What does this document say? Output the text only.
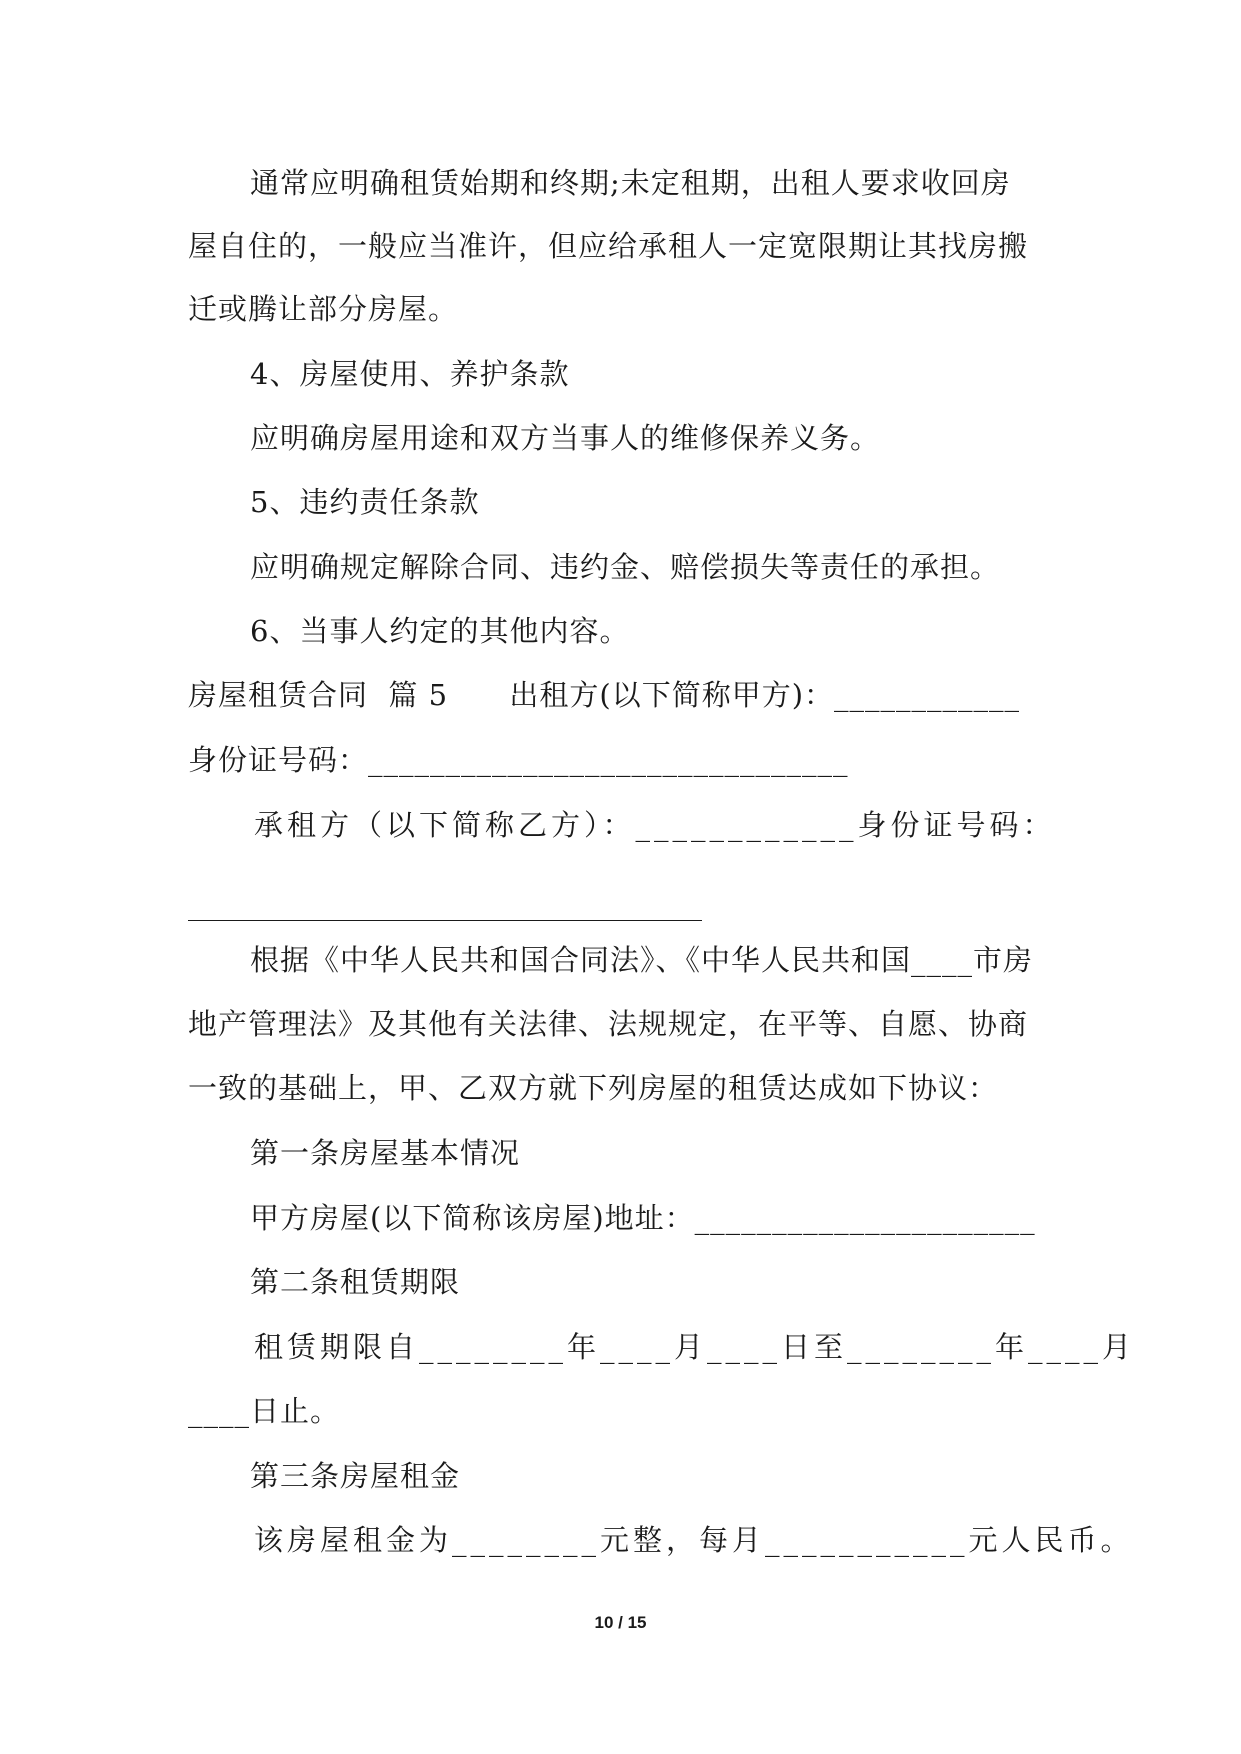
通常应明确租赁始期和终期;未定租期，出租人要求收回房
屋自住的，一般应当准许，但应给承租人一定宽限期让其找房搬
迁或腾让部分房屋。
4、房屋使用、养护条款
应明确房屋用途和双方当事人的维修保养义务。
5、违约责任条款
应明确规定解除合同、违约金、赔偿损失等责任的承担。
6、当事人约定的其他内容。
房屋租赁合同  篇 5      出租方(以下简称甲方)：____________
身份证号码：_______________________________
承租方（以下简称乙方）：____________身份证号码：
根据《中华人民共和国合同法》、《中华人民共和国____市房
地产管理法》及其他有关法律、法规规定，在平等、自愿、协商
一致的基础上，甲、乙双方就下列房屋的租赁达成如下协议：
第一条房屋基本情况
甲方房屋(以下简称该房屋)地址：______________________
第二条租赁期限
租赁期限自________年____月____日至________年____月
____日止。
第三条房屋租金
该房屋租金为________元整，每月___________元人民币。
10 / 15
